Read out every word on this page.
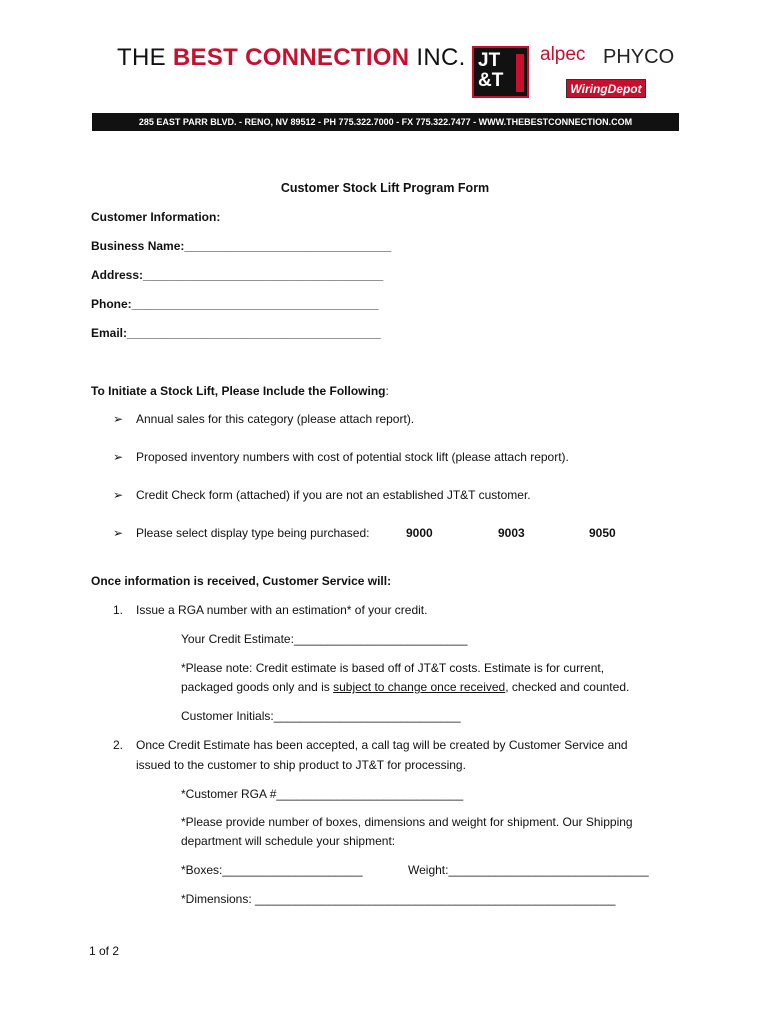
THE BEST CONNECTION INC. JT &T
alpec PHYCO
WiringDepot
285 EAST PARR BLVD. - RENO, NV 89512 - PH 775.322.7000 - FX 775.322.7477 - WWW.THEBESTCONNECTION.COM
Customer Stock Lift Program Form
Customer Information:
Business Name:_______________________________
Address:____________________________________
Phone:_____________________________________
Email:______________________________________
To Initiate a Stock Lift, Please Include the Following:
➢ Annual sales for this category (please attach report).
➢ Proposed inventory numbers with cost of potential stock lift (please attach report).
➢ Credit Check form (attached) if you are not an established JT&T customer.
➢ Please select display type being purchased:	9000	9003	9050
Once information is received, Customer Service will:
1. Issue a RGA number with an estimation* of your credit.
Your Credit Estimate:__________________________
*Please note: Credit estimate is based off of JT&T costs. Estimate is for current,
packaged goods only and is subject to change once received, checked and counted.
Customer Initials:____________________________
2. Once Credit Estimate has been accepted, a call tag will be created by Customer Service and
issued to the customer to ship product to JT&T for processing.
*Customer RGA #____________________________
*Please provide number of boxes, dimensions and weight for shipment. Our Shipping
department will schedule your shipment:
*Boxes:_____________________	Weight:______________________________
*Dimensions: ______________________________________________________
1 of 2
